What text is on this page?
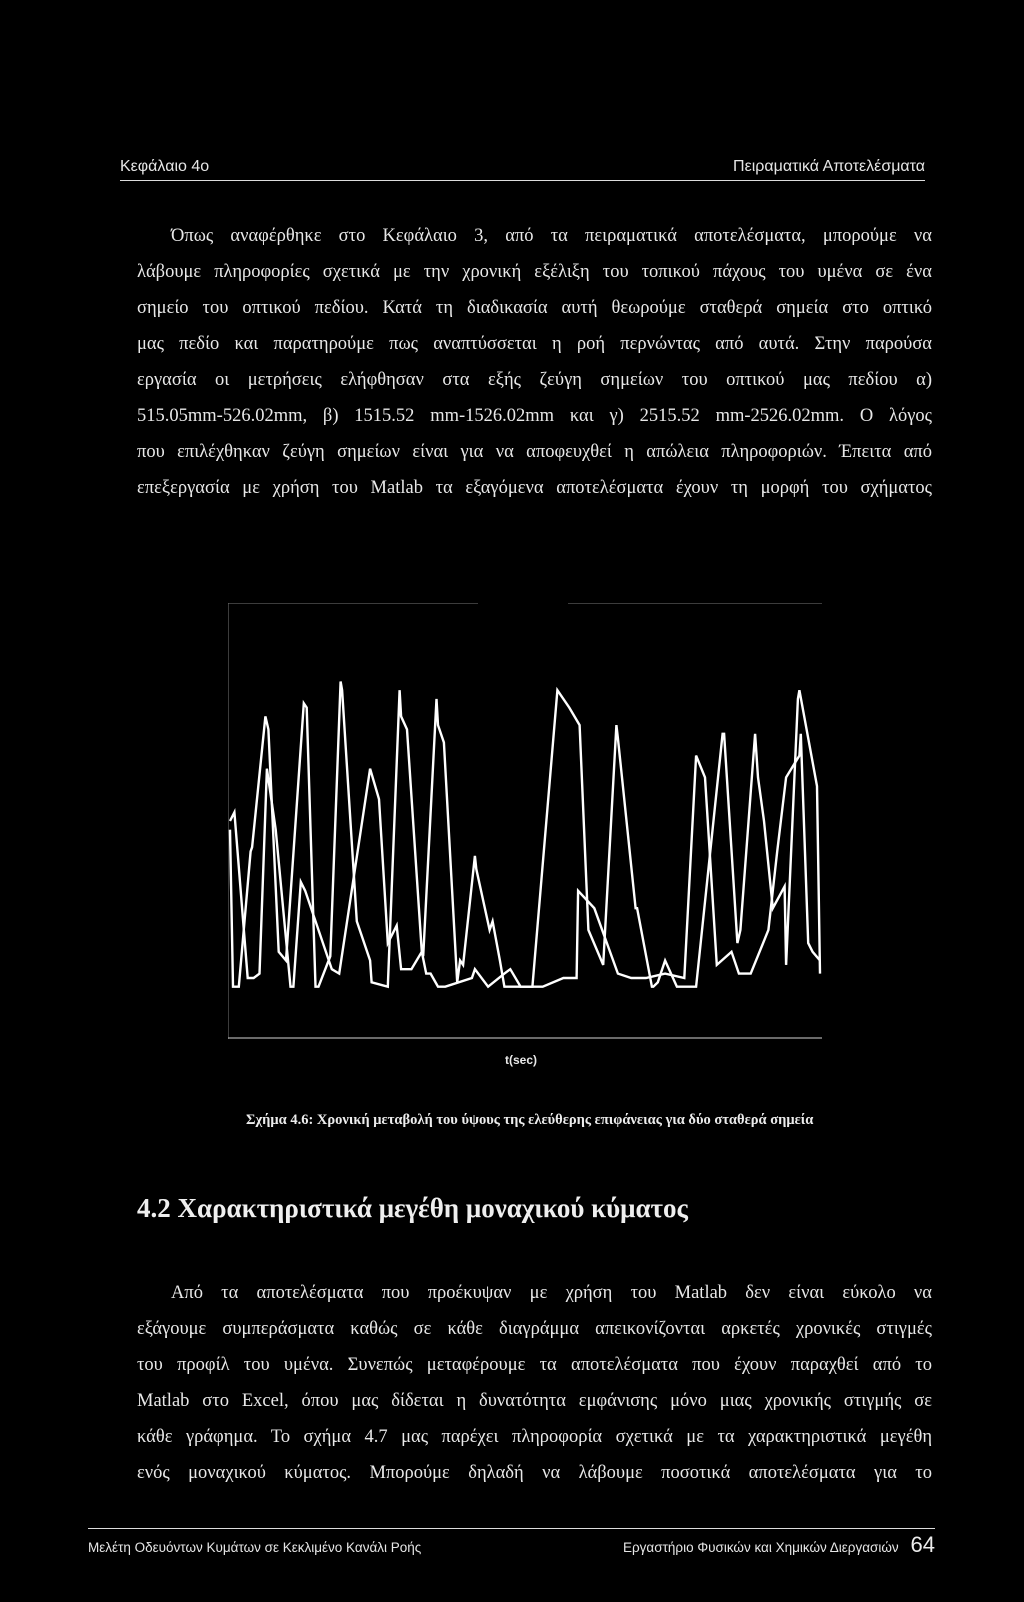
Κεφάλαιο 4ο	Πειραματικά Αποτελέσματα
Όπως αναφέρθηκε στο Κεφάλαιο 3, από τα πειραματικά αποτελέσματα, μπορούμε να
λάβουμε πληροφορίες σχετικά με την χρονική εξέλιξη του τοπικού πάχους του υμένα σε ένα
σημείο του οπτικού πεδίου. Κατά τη διαδικασία αυτή θεωρούμε σταθερά σημεία στο οπτικό
μας πεδίο και παρατηρούμε πως αναπτύσσεται η ροή περνώντας από αυτά. Στην παρούσα
εργασία οι μετρήσεις ελήφθησαν στα εξής ζεύγη σημείων του οπτικού μας πεδίου α)
515.05mm-526.02mm, β) 1515.52 mm-1526.02mm και γ) 2515.52 mm-2526.02mm. Ο λόγος
που επιλέχθηκαν ζεύγη σημείων είναι για να αποφευχθεί η απώλεια πληροφοριών. Έπειτα από
επεξεργασία με χρήση του Matlab τα εξαγόμενα αποτελέσματα έχουν τη μορφή του σχήματος
t(sec)
Σχήμα 4.6: Χρονική μεταβολή του ύψους της ελεύθερης επιφάνειας για δύο σταθερά σημεία
4.2 Χαρακτηριστικά μεγέθη μοναχικού κύματος
Από τα αποτελέσματα που προέκυψαν με χρήση του Matlab δεν είναι εύκολο να
εξάγουμε συμπεράσματα καθώς σε κάθε διαγράμμα απεικονίζονται αρκετές χρονικές στιγμές
του προφίλ του υμένα. Συνεπώς μεταφέρουμε τα αποτελέσματα που έχουν παραχθεί από το
Matlab στο Excel, όπου μας δίδεται η δυνατότητα εμφάνισης μόνο μιας χρονικής στιγμής σε
κάθε γράφημα. Το σχήμα 4.7 μας παρέχει πληροφορία σχετικά με τα χαρακτηριστικά μεγέθη
ενός μοναχικού κύματος. Μπορούμε δηλαδή να λάβουμε ποσοτικά αποτελέσματα για το
Μελέτη Οδευόντων Κυμάτων σε Κεκλιμένο Κανάλι Ροής	Εργαστήριο Φυσικών και Χημικών Διεργασιών 64
